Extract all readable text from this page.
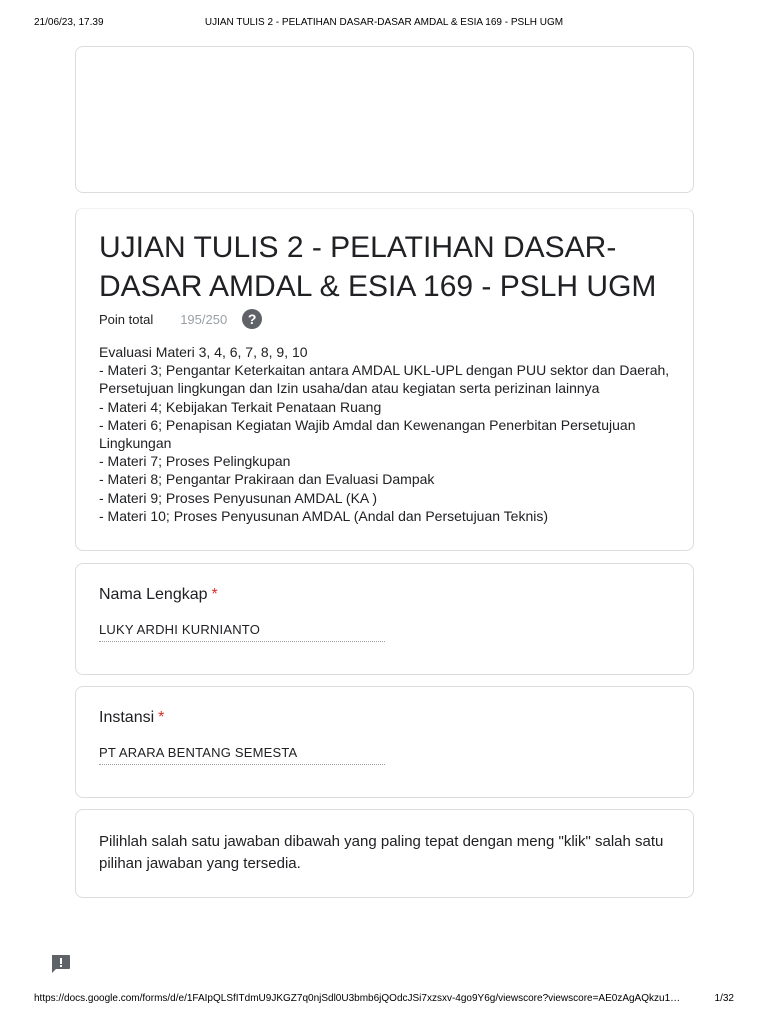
21/06/23, 17.39	UJIAN TULIS 2 - PELATIHAN DASAR-DASAR AMDAL & ESIA 169 - PSLH UGM
UJIAN TULIS 2 - PELATIHAN DASAR-DASAR AMDAL & ESIA 169 - PSLH UGM
Poin total 195/250	?
Evaluasi Materi 3, 4, 6, 7, 8, 9, 10
- Materi 3; Pengantar Keterkaitan antara AMDAL UKL-UPL dengan PUU sektor dan Daerah, Persetujuan lingkungan dan Izin usaha/dan atau kegiatan serta perizinan lainnya
- Materi 4; Kebijakan Terkait Penataan Ruang
- Materi 6; Penapisan Kegiatan Wajib Amdal dan Kewenangan Penerbitan Persetujuan Lingkungan
- Materi 7; Proses Pelingkupan
- Materi 8; Pengantar Prakiraan dan Evaluasi Dampak
- Materi 9; Proses Penyusunan AMDAL (KA )
- Materi 10; Proses Penyusunan AMDAL (Andal dan Persetujuan Teknis)
Nama Lengkap *
LUKY ARDHI KURNIANTO
Instansi *
PT ARARA BENTANG SEMESTA
Pilihlah salah satu jawaban dibawah yang paling tepat dengan meng "klik" salah satu pilihan jawaban yang tersedia.
https://docs.google.com/forms/d/e/1FAIpQLSfITdmU9JKGZ7q0njSdl0U3bmb6jQOdcJSi7xzsxv-4go9Y6g/viewscore?viewscore=AE0zAgAQkzu1…	1/32
